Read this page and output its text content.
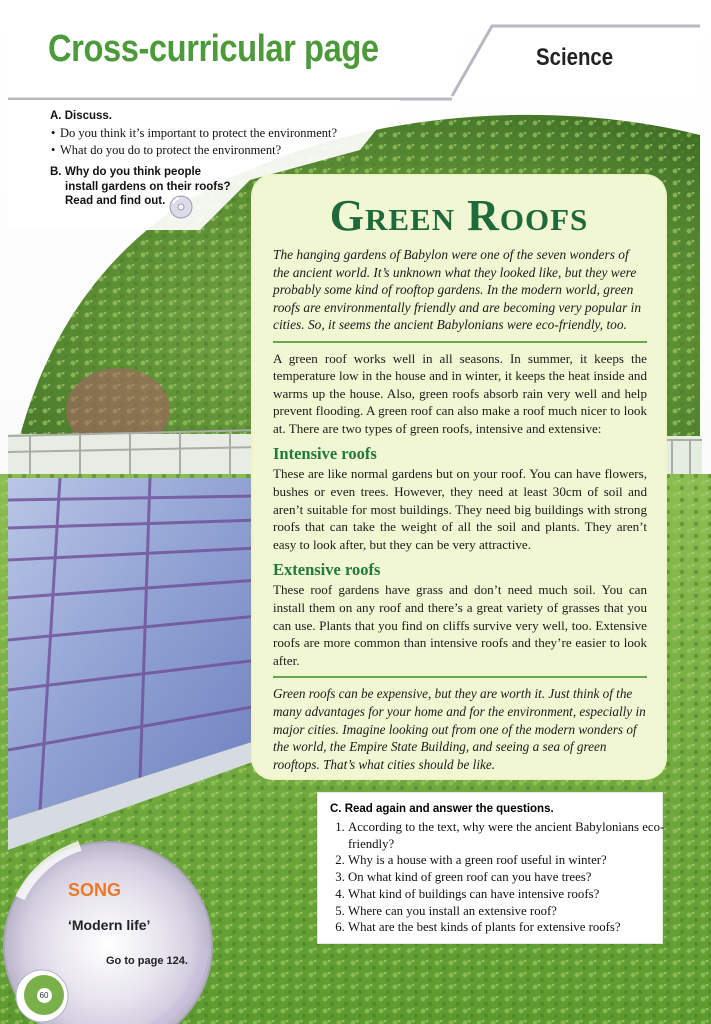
Cross-curricular page	Science
A. Discuss.
• Do you think it’s important to protect the environment?
• What do you do to protect the environment?
B. Why do you think people install gardens on their roofs? Read and find out.	Green Roofs

The hanging gardens of Babylon were one of the seven wonders of the ancient world. It’s unknown what they looked like, but they were probably some kind of rooftop gardens. In the modern world, green roofs are environmentally friendly and are becoming very popular in cities. So, it seems the ancient Babylonians were eco-friendly, too.

A green roof works well in all seasons. In summer, it keeps the temperature low in the house and in winter, it keeps the heat inside and warms up the house. Also, green roofs absorb rain very well and help prevent flooding. A green roof can also make a roof much nicer to look at. There are two types of green roofs, intensive and extensive:

Intensive roofs

These are like normal gardens but on your roof. You can have flowers, bushes or even trees. However, they need at least 30cm of soil and aren’t suitable for most buildings. They need big buildings with strong roofs that can take the weight of all the soil and plants. They aren’t easy to look after, but they can be very attractive.

Extensive roofs

These roof gardens have grass and don’t need much soil. You can install them on any roof and there’s a great variety of grasses that you can use. Plants that you find on cliffs survive very well, too. Extensive roofs are more common than intensive roofs and they’re easier to look after.

Green roofs can be expensive, but they are worth it. Just think of the many advantages for your home and for the environment, especially in major cities. Imagine looking out from one of the modern wonders of the world, the Empire State Building, and seeing a sea of green rooftops. That’s what cities should be like.

C. Read again and answer the questions.
1. According to the text, why were the ancient Babylonians eco-friendly?
2. Why is a house with a green roof useful in winter?
3. On what kind of green roof can you have trees?
4. What kind of buildings can have intensive roofs?
5. Where can you install an extensive roof?
6. What are the best kinds of plants for extensive roofs?
SONG
‘Modern life’
Go to page 124.
60
